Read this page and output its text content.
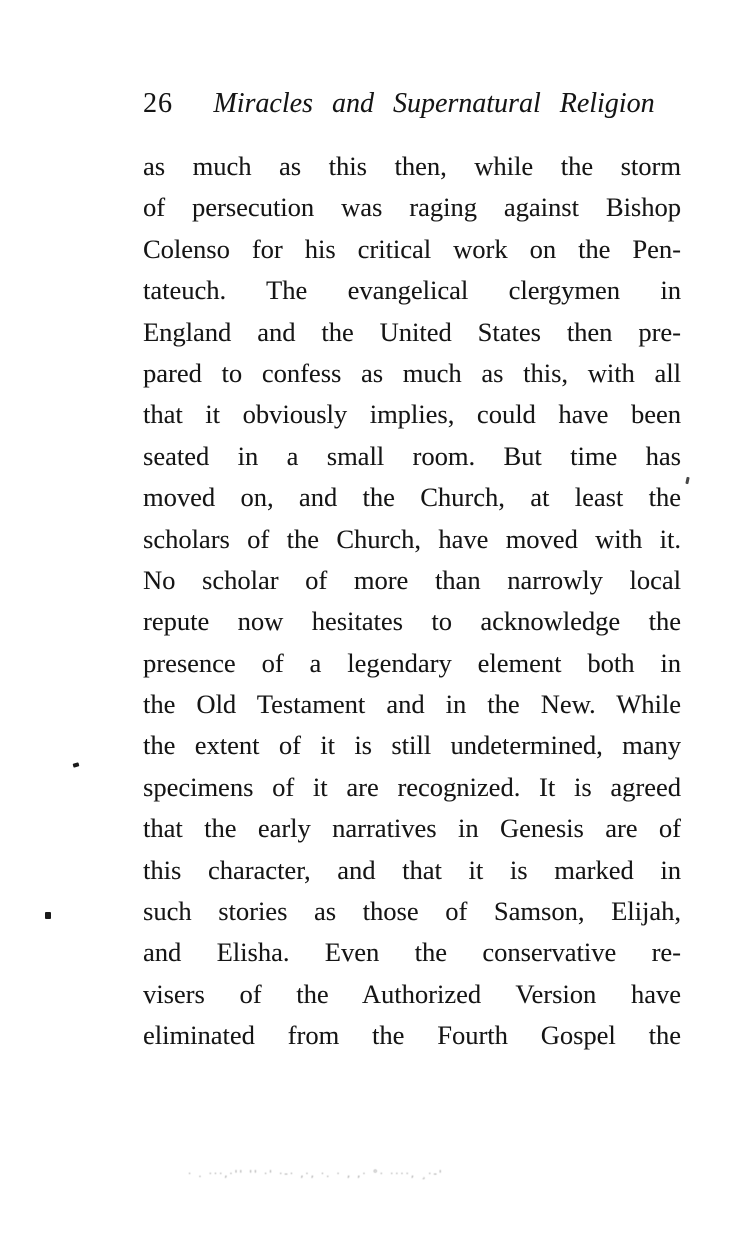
26	Miracles and Supernatural Religion
as much as this then, while the storm
of persecution was raging against Bishop
Colenso for his critical work on the Pen-
tateuch. The evangelical clergymen in
England and the United States then pre-
pared to confess as much as this, with all
that it obviously implies, could have been
seated in a small room. But time has
moved on, and the Church, at least the
scholars of the Church, have moved with it.
No scholar of more than narrowly local
repute now hesitates to acknowledge the
presence of a legendary element both in
the Old Testament and in the New. While
the extent of it is still undetermined, many
specimens of it are recognized. It is agreed
that the early narratives in Genesis are of
this character, and that it is marked in
such stories as those of Samson, Elijah,
and Elisha. Even the conservative re-
visers of the Authorized Version have
eliminated from the Fourth Gospel the
· . ···,·'' '' ·' ·-· ‚·‚ ·. · ‚ ,· °· ····‚ ¸·-'
